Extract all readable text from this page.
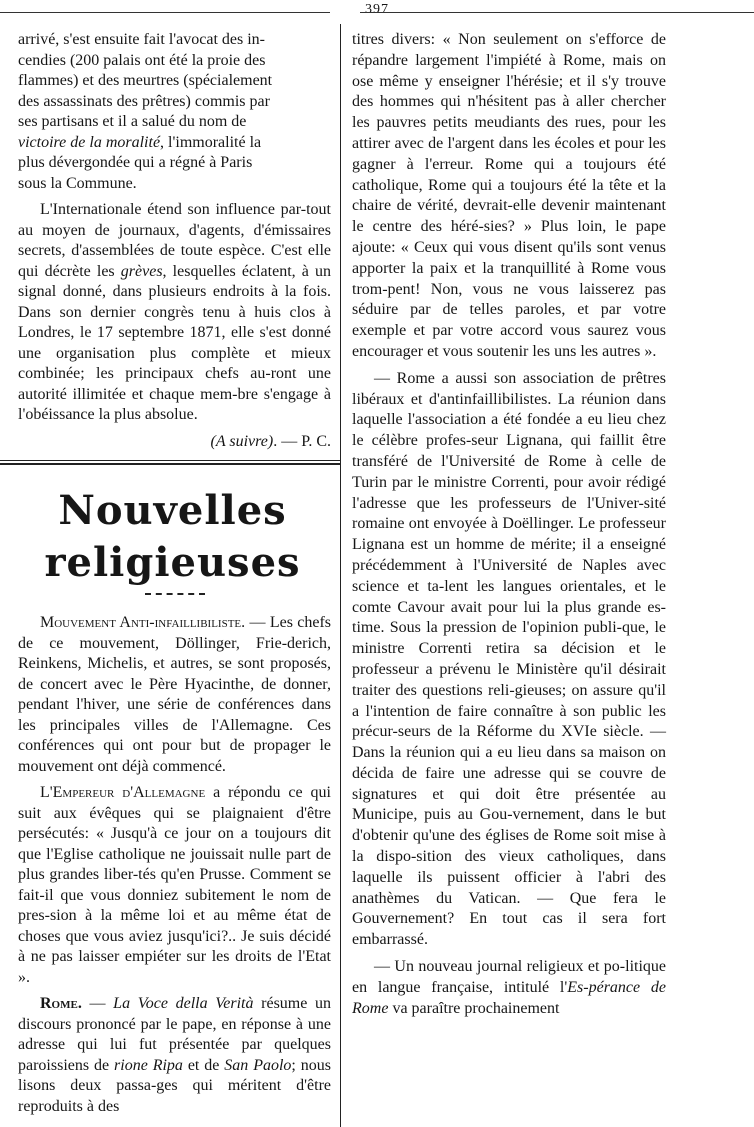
397

arrivé, s'est ensuite fait l'avocat des in-
cendies (200 palais ont été la proie des
flammes) et des meurtres (spécialement
des assassinats des prêtres) commis par
ses partisans et il a salué du nom de
victoire de la moralité, l'immoralité la
plus dévergondée qui a régné à Paris
sous la Commune.

L'Internationale étend son influence par-tout au moyen de journaux, d'agents, d'émissaires secrets, d'assemblées de toute espèce. C'est elle qui décrète les grèves, lesquelles éclatent, à un signal donné, dans plusieurs endroits à la fois. Dans son dernier congrès tenu à huis clos à Londres, le 17 septembre 1871, elle s'est donné une organisation plus complète et mieux combinée; les principaux chefs au-ront une autorité illimitée et chaque mem-bre s'engage à l'obéissance la plus absolue.

(A suivre). — P. C.

Nouvelles religieuses

Mouvement Anti-infaillibiliste. — Les chefs de ce mouvement, Döllinger, Frie-derich, Reinkens, Michelis, et autres, se sont proposés, de concert avec le Père Hyacinthe, de donner, pendant l'hiver, une série de conférences dans les principales villes de l'Allemagne. Ces conférences qui ont pour but de propager le mouvement ont déjà commencé.

L'Empereur d'Allemagne a répondu ce qui suit aux évêques qui se plaignaient d'être persécutés: « Jusqu'à ce jour on a toujours dit que l'Eglise catholique ne jouissait nulle part de plus grandes liber-tés qu'en Prusse. Comment se fait-il que vous donniez subitement le nom de pres-sion à la même loi et au même état de choses que vous aviez jusqu'ici?.. Je suis décidé à ne pas laisser empiéter sur les droits de l'Etat ».

Rome. — La Voce della Verità résume un discours prononcé par le pape, en réponse à une adresse qui lui fut présentée par quelques paroissiens de rione Ripa et de San Paolo; nous lisons deux passa-ges qui méritent d'être reproduits à des

titres divers: « Non seulement on s'efforce de répandre largement l'impiété à Rome, mais on ose même y enseigner l'hérésie; et il s'y trouve des hommes qui n'hésitent pas à aller chercher les pauvres petits meudiants des rues, pour les attirer avec de l'argent dans les écoles et pour les gagner à l'erreur. Rome qui a toujours été catholique, Rome qui a toujours été la tête et la chaire de vérité, devrait-elle devenir maintenant le centre des héré-sies? » Plus loin, le pape ajoute: « Ceux qui vous disent qu'ils sont venus apporter la paix et la tranquillité à Rome vous trom-pent! Non, vous ne vous laisserez pas séduire par de telles paroles, et par votre exemple et par votre accord vous saurez vous encourager et vous soutenir les uns les autres ».

— Rome a aussi son association de prêtres libéraux et d'antinfaillibilistes. La réunion dans laquelle l'association a été fondée a eu lieu chez le célèbre profes-seur Lignana, qui faillit être transféré de l'Université de Rome à celle de Turin par le ministre Correnti, pour avoir rédigé l'adresse que les professeurs de l'Univer-sité romaine ont envoyée à Doëllinger. Le professeur Lignana est un homme de mérite; il a enseigné précédemment à l'Université de Naples avec science et ta-lent les langues orientales, et le comte Cavour avait pour lui la plus grande es-time. Sous la pression de l'opinion publi-que, le ministre Correnti retira sa décision et le professeur a prévenu le Ministère qu'il désirait traiter des questions reli-gieuses; on assure qu'il a l'intention de faire connaître à son public les précur-seurs de la Réforme du XVIe siècle. — Dans la réunion qui a eu lieu dans sa maison on décida de faire une adresse qui se couvre de signatures et qui doit être présentée au Municipe, puis au Gou-vernement, dans le but d'obtenir qu'une des églises de Rome soit mise à la dispo-sition des vieux catholiques, dans laquelle ils puissent officier à l'abri des anathèmes du Vatican. — Que fera le Gouvernement? En tout cas il sera fort embarrassé.

— Un nouveau journal religieux et po-litique en langue française, intitulé l'Es-pérance de Rome va paraître prochainement
